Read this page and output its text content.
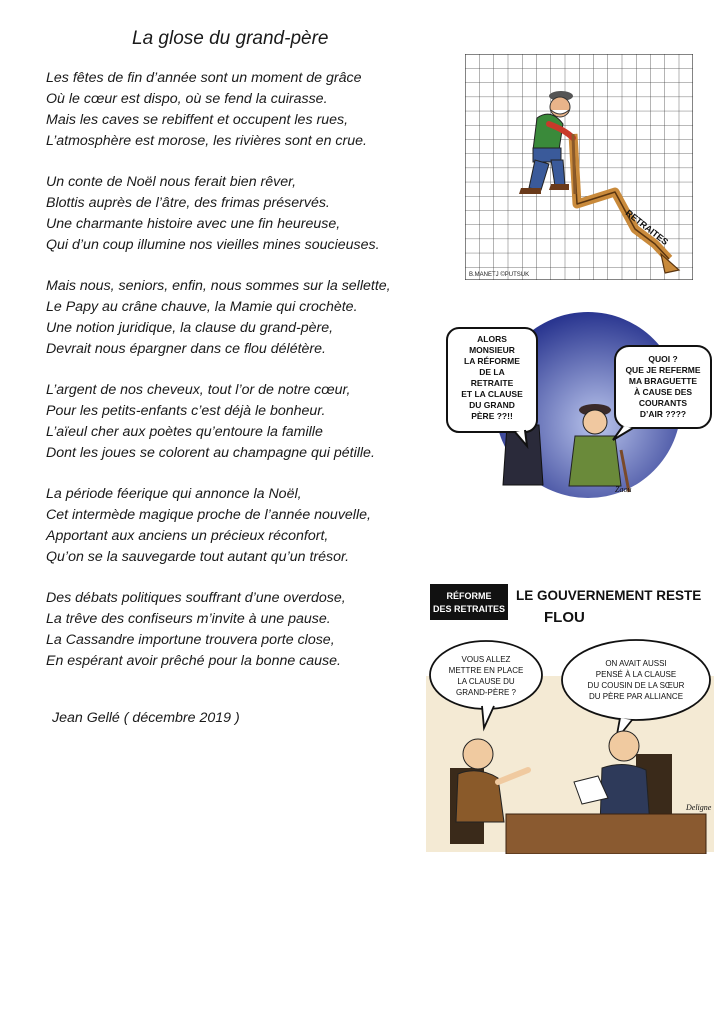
La glose du grand-père
Les fêtes de fin d’année sont un moment de grâce
Où le cœur est dispo, où se fend la cuirasse.
Mais les caves se rebiffent et occupent les rues,
L’atmosphère est morose, les rivières sont en crue.
Un conte de Noël nous ferait bien rêver,
Blottis auprès de l’âtre, des frimas préservés.
Une charmante histoire avec une fin heureuse,
Qui d’un coup illumine nos vieilles mines soucieuses.
Mais nous, seniors, enfin, nous sommes sur la sellette,
Le Papy au crâne chauve, la Mamie qui crochète.
Une notion juridique, la clause du grand-père,
Devrait nous épargner dans ce flou délétère.
L’argent de nos cheveux, tout l’or de notre cœur,
Pour les petits-enfants c’est déjà le bonheur.
L’aïeul cher aux poètes qu’entoure la famille
Dont les joues se colorent au champagne qui pétille.
La période féerique qui annonce la Noël,
Cet intermède magique proche de l’année nouvelle,
Apportant aux anciens un précieux réconfort,
Qu’on se la sauvegarde tout autant qu’un trésor.
Des débats politiques souffrant d’une overdose,
La trêve des confiseurs m’invite à une pause.
La Cassandre importune trouvera porte close,
En espérant avoir prêché pour la bonne cause.
Jean Gellé ( décembre 2019 )
RETRAITES
B.MANETJ ©PUTSUK
ALORS
MONSIEUR
LA RÉFORME
DE LA
RETRAITE
ET LA CLAUSE
DU GRAND
PÈRE ??!!
QUOI ?
QUE JE REFERME
MA BRAGUETTE
À CAUSE DES
COURANTS
D’AIR ????
Zaou
RÉFORME
DES RETRAITES
LE GOUVERNEMENT RESTE
FLOU
VOUS ALLEZ
METTRE EN PLACE
LA CLAUSE DU
GRAND-PÈRE ?
ON AVAIT AUSSI
PENSÉ À LA CLAUSE
DU COUSIN DE LA SŒUR
DU PÈRE PAR ALLIANCE
Deligne
